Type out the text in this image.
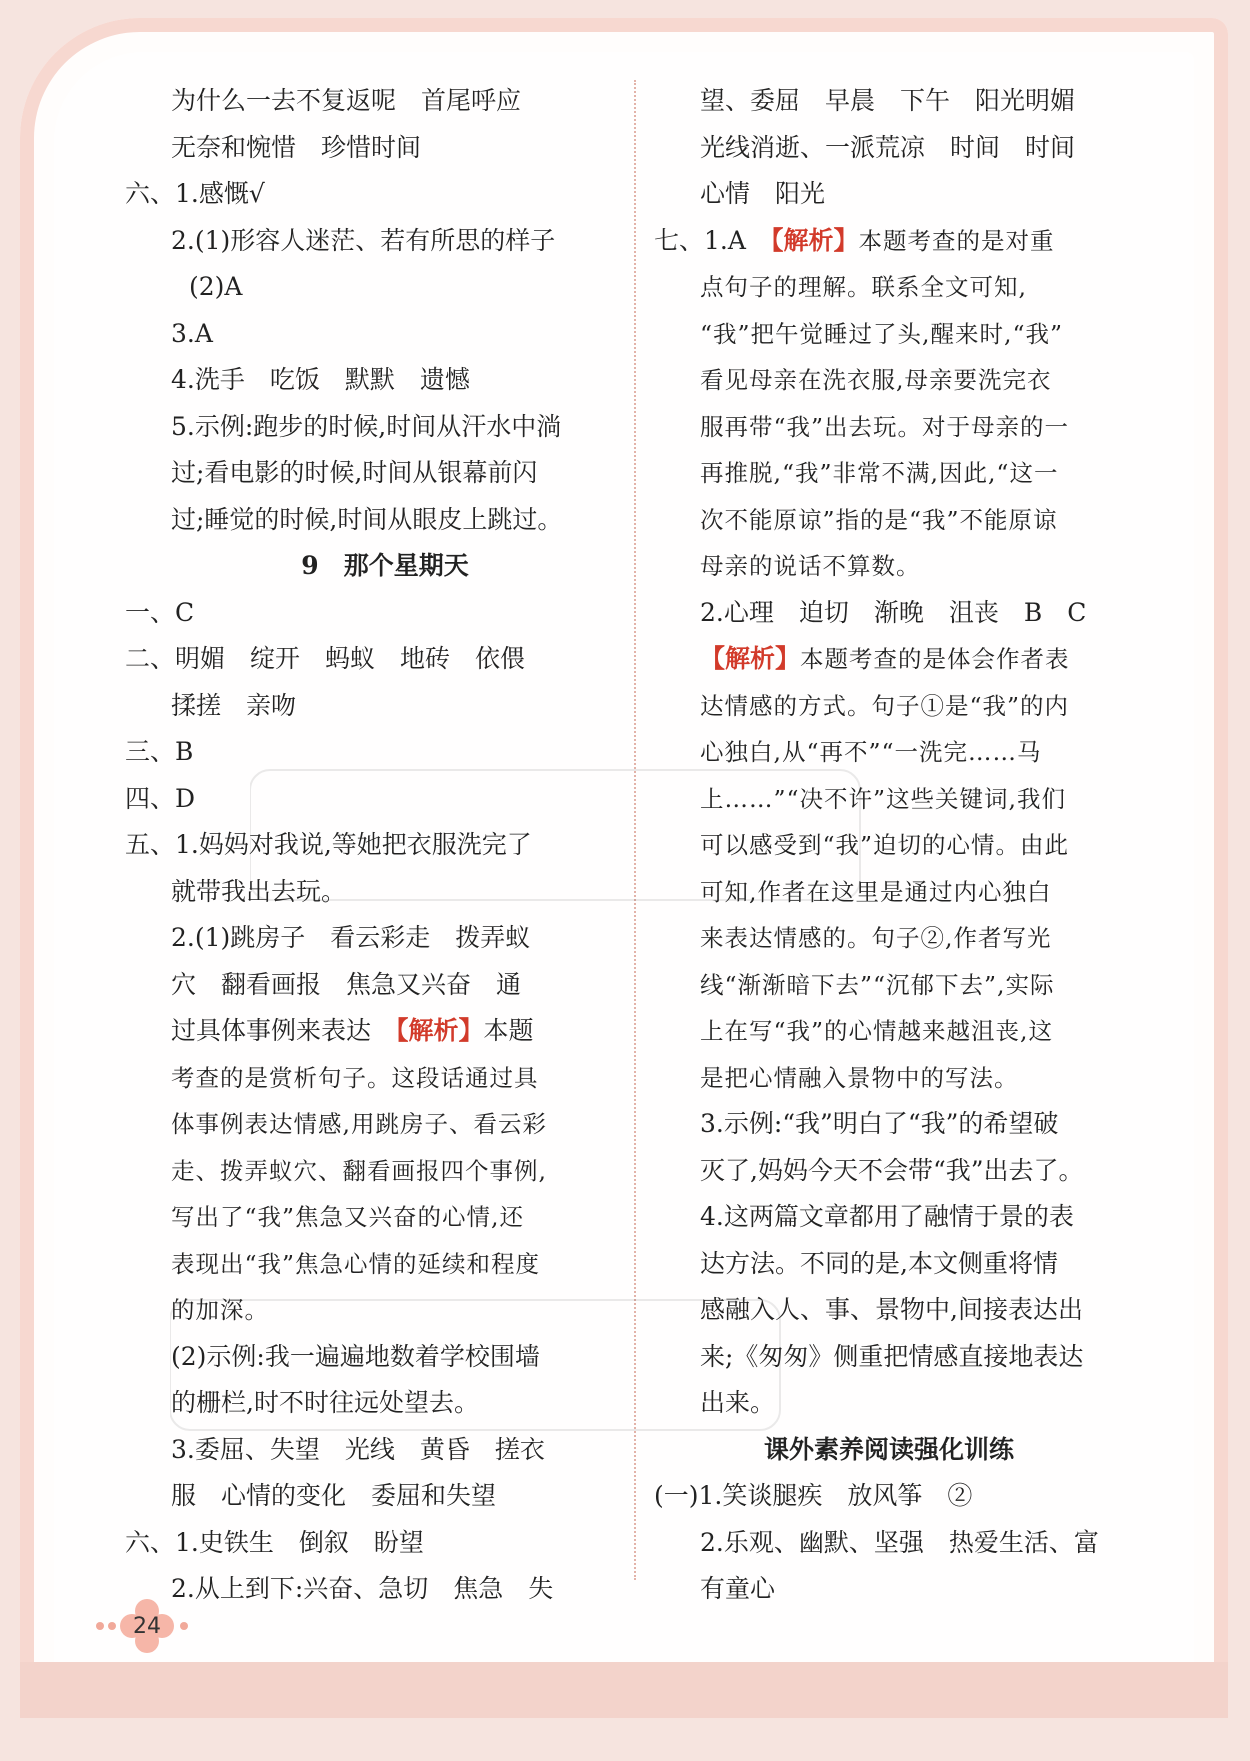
为什么一去不复返呢　首尾呼应
无奈和惋惜　珍惜时间
六、1.感慨√
2.(1)形容人迷茫、若有所思的样子
(2)A
3.A
4.洗手　吃饭　默默　遗憾
5.示例:跑步的时候,时间从汗水中淌
过;看电影的时候,时间从银幕前闪
过;睡觉的时候,时间从眼皮上跳过。
9　那个星期天
一、C
二、明媚　绽开　蚂蚁　地砖　依偎
揉搓　亲吻
三、B
四、D
五、1.妈妈对我说,等她把衣服洗完了
就带我出去玩。
2.(1)跳房子　看云彩走　拨弄蚁
穴　翻看画报　焦急又兴奋　通
过具体事例来表达　 【解析】本题
考查的是赏析句子。这段话通过具
体事例表达情感,用跳房子、看云彩
走、拨弄蚁穴、翻看画报四个事例,
写出了“我”焦急又兴奋的心情,还
表现出“我”焦急心情的延续和程度
的加深。
(2)示例:我一遍遍地数着学校围墙
的栅栏,时不时往远处望去。
3.委屈、失望　光线　黄昏　搓衣
服　心情的变化　委屈和失望
六、1.史铁生　倒叙　盼望
2.从上到下:兴奋、急切　焦急　失
望、委屈　早晨　下午　阳光明媚
光线消逝、一派荒凉　时间　时间
心情　阳光
七、1.A　 【解析】本题考查的是对重
点句子的理解。联系全文可知,
“我”把午觉睡过了头,醒来时,“我”
看见母亲在洗衣服,母亲要洗完衣
服再带“我”出去玩。对于母亲的一
再推脱,“我”非常不满,因此,“这一
次不能原谅”指的是“我”不能原谅
母亲的说话不算数。
2.心理　迫切　渐晚　沮丧　B　C
【解析】本题考查的是体会作者表
达情感的方式。句子①是“我”的内
心独白,从“再不”“一洗完……马
上……”“决不许”这些关键词,我们
可以感受到“我”迫切的心情。由此
可知,作者在这里是通过内心独白
来表达情感的。句子②,作者写光
线“渐渐暗下去”“沉郁下去”,实际
上在写“我”的心情越来越沮丧,这
是把心情融入景物中的写法。
3.示例:“我”明白了“我”的希望破
灭了,妈妈今天不会带“我”出去了。
4.这两篇文章都用了融情于景的表
达方法。不同的是,本文侧重将情
感融入人、事、景物中,间接表达出
来;《匆匆》侧重把情感直接地表达
出来。
课外素养阅读强化训练
(一)1.笑谈腿疾　放风筝　②
2.乐观、幽默、坚强　热爱生活、富
有童心
24
